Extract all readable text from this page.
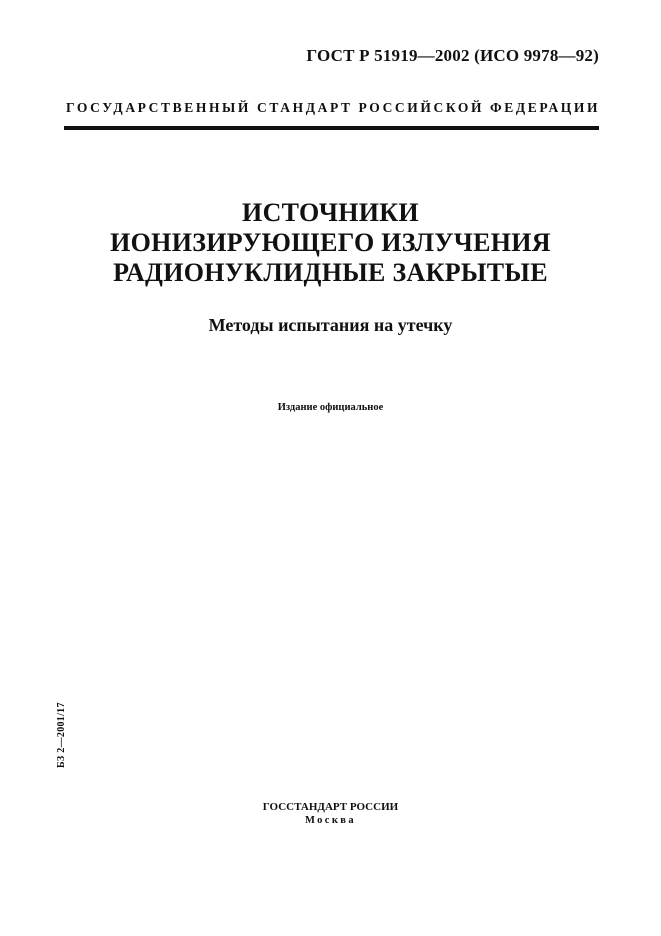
ГОСТ Р 51919—2002 (ИСО 9978—92)
ГОСУДАРСТВЕННЫЙ СТАНДАРТ РОССИЙСКОЙ ФЕДЕРАЦИИ
ИСТОЧНИКИ
ИОНИЗИРУЮЩЕГО ИЗЛУЧЕНИЯ
РАДИОНУКЛИДНЫЕ ЗАКРЫТЫЕ
Методы испытания на утечку
Издание официальное
БЗ 2—2001/17
ГОССТАНДАРТ РОССИИ
Москва
